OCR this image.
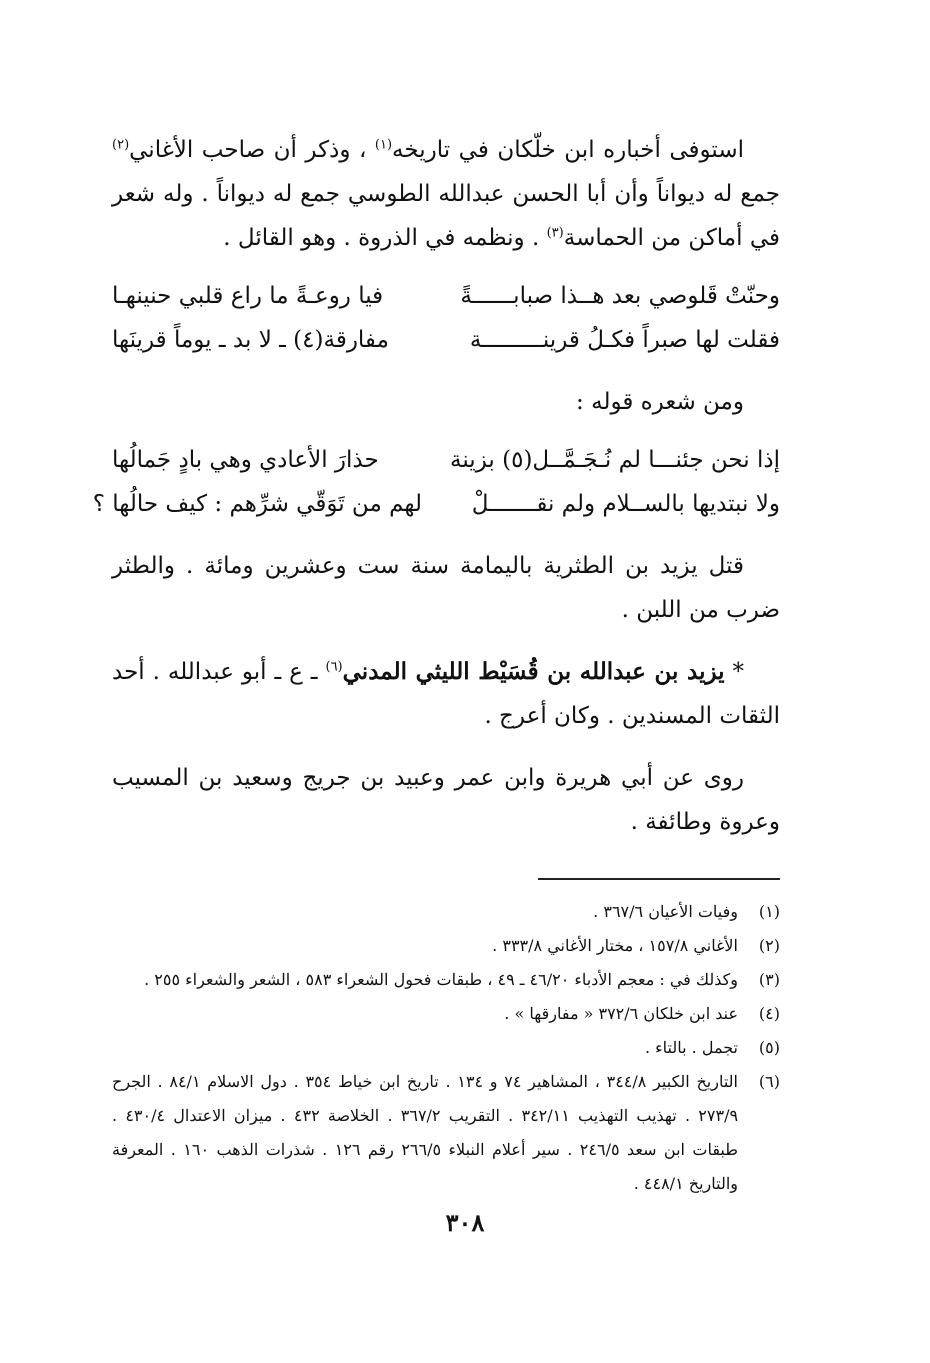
استوفى أخباره ابن خلّكان في تاريخه$^{(١)}$ ، وذكر أن صاحب الأغاني$^{(٢)}$ جمع له ديواناً وأن أبا الحسن عبدالله الطوسي جمع له ديواناً . وله شعر في أماكن من الحماسة$^{(٣)}$ . ونظمه في الذروة . وهو القائل .

وحنّتْ قَلوصي بعد هــذا صبابــــــةً
فيا روعـةً ما راع قلبي حنينهـا
فقلت لها صبراً فكـلُ قرينـــــــــة
مفارقة(٤) ـ لا بد ـ يوماً قرينَها

ومن شعره قوله :

إذا نحن جئنـــا لم نُـجَـمَّــل(٥) بزينة
حذارَ الأعادي وهي بادٍ جَمالُها
ولا نبتديها بالســلام ولم نقـــــــلْ
لهم من تَوَقّي شرِّهم : كيف حالُها ؟

قتل يزيد بن الطثرية باليمامة سنة ست وعشرين ومائة . والطثر ضرب من اللبن .

* يزيد بن عبدالله بن قُسَيْط الليثي المدني$^{(٦)}$ ـ ع ـ أبو عبدالله . أحد الثقات المسندين . وكان أعرج .

روى عن أبي هريرة وابن عمر وعبيد بن جريج وسعيد بن المسيب وعروة وطائفة .

(١)
وفيات الأعيان ٣٦٧/٦ .
(٢)
الأغاني ١٥٧/٨ ، مختار الأغاني ٣٣٣/٨ .
(٣)
وكذلك في : معجم الأدباء ٤٦/٢٠ ـ ٤٩ ، طبقات فحول الشعراء ٥٨٣ ، الشعر والشعراء ٢٥٥ .
(٤)
عند ابن خلكان ٣٧٢/٦ « مفارقها » .
(٥)
تجمل . بالتاء .
(٦)
التاريخ الكبير ٣٤٤/٨ ، المشاهير ٧٤ و ١٣٤ . تاريخ ابن خياط ٣٥٤ . دول الاسلام ٨٤/١ . الجرح ٢٧٣/٩ . تهذيب التهذيب ٣٤٢/١١ . التقريب ٣٦٧/٢ . الخلاصة ٤٣٢ . ميزان الاعتدال ٤٣٠/٤ . طبقات ابن سعد ٢٤٦/٥ . سير أعلام النبلاء ٢٦٦/٥ رقم ١٢٦ . شذرات الذهب ١٦٠ . المعرفة والتاريخ ٤٤٨/١ .
٣٠٨
